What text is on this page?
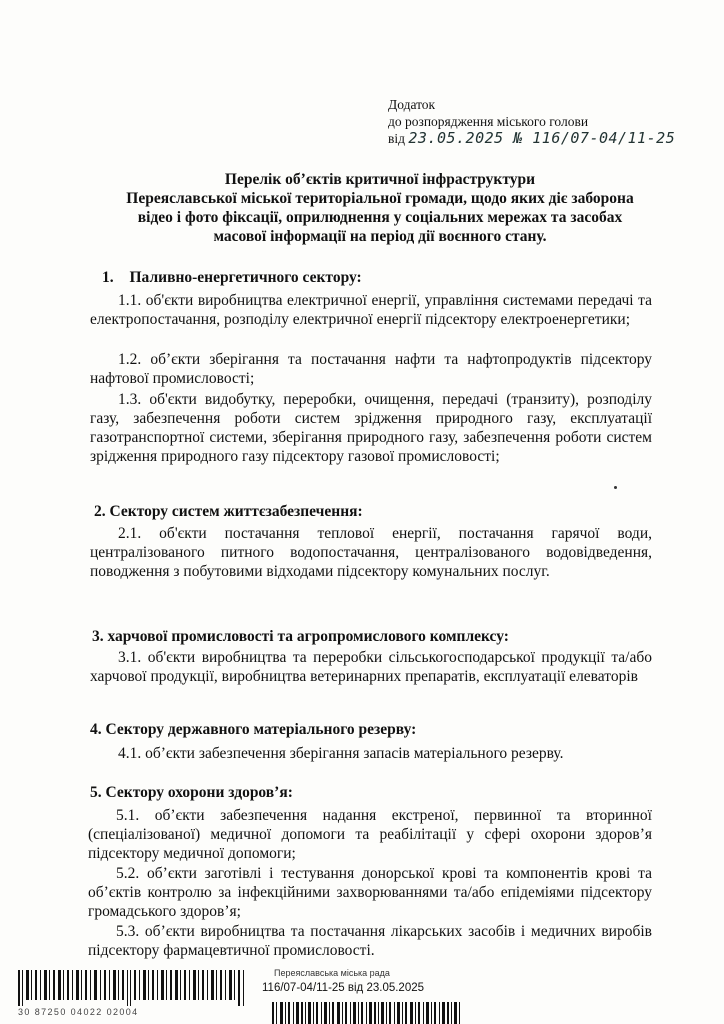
Додаток
до розпорядження міського голови
від 23.05.2025 № 116/07-04/11-25
Перелік об’єктів критичної інфраструктури
Переяславської міської територіальної громади, щодо яких діє заборона
відео і фото фіксації, оприлюднення у соціальних мережах та засобах
масової інформації на період дії воєнного стану.
1. Паливно-енергетичного сектору:
1.1. об'єкти виробництва електричної енергії, управління системами передачі та електропостачання, розподілу електричної енергії підсектору електроенергетики;
1.2. об’єкти зберігання та постачання нафти та нафтопродуктів підсектору нафтової промисловості;
1.3. об'єкти видобутку, переробки, очищення, передачі (транзиту), розподілу газу, забезпечення роботи систем зрідження природного газу, експлуатації газотранспортної системи, зберігання природного газу, забезпечення роботи систем зрідження природного газу підсектору газової промисловості;
2. Сектору систем життєзабезпечення:
2.1. об'єкти постачання теплової енергії, постачання гарячої води, централізованого питного водопостачання, централізованого водовідведення, поводження з побутовими відходами підсектору комунальних послуг.
3. харчової промисловості та агропромислового комплексу:
3.1. об'єкти виробництва та переробки сільськогосподарської продукції та/або харчової продукції, виробництва ветеринарних препаратів, експлуатації елеваторів
4. Сектору державного матеріального резерву:
4.1. об’єкти забезпечення зберігання запасів матеріального резерву.
5. Сектору охорони здоров’я:
5.1. об’єкти забезпечення надання екстреної, первинної та вторинної (спеціалізованої) медичної допомоги та реабілітації у сфері охорони здоров’я підсектору медичної допомоги;
5.2. об’єкти заготівлі і тестування донорської крові та компонентів крові та об’єктів контролю за інфекційними захворюваннями та/або епідеміями підсектору громадського здоров’я;
5.3. об’єкти виробництва та постачання лікарських засобів і медичних виробів підсектору фармацевтичної промисловості.
30 87250 04022 02004
Переяславська міська рада
116/07-04/11-25 від 23.05.2025
